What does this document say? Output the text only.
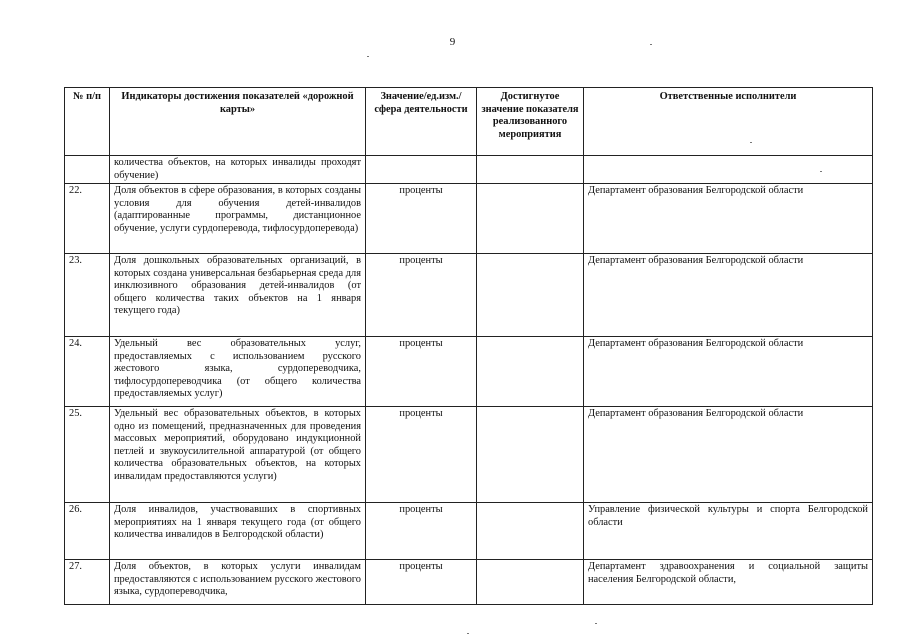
9
№ п/п	Индикаторы достижения показателей «дорожной карты»	Значение/ед.изм./ сфера деятельности	Достигнутое значение показателя реализованного мероприятия	Ответственные исполнители
	количества объектов, на которых инвалиды проходят обучение)			
22.	Доля объектов в сфере образования, в которых созданы условия для обучения детей-инвалидов (адаптированные программы, дистанционное обучение, услуги сурдоперевода, тифлосурдоперевода)	проценты		Департамент образования Белгородской области
23.	Доля дошкольных образовательных организаций, в которых создана универсальная безбарьерная среда для инклюзивного образования детей-инвалидов (от общего количества таких объектов на 1 января текущего года)	проценты		Департамент образования Белгородской области
24.	Удельный вес образовательных услуг, предоставляемых с использованием русского жестового языка, сурдопереводчика, тифлосурдопереводчика (от общего количества предоставляемых услуг)	проценты		Департамент образования Белгородской области
25.	Удельный вес образовательных объектов, в которых одно из помещений, предназначенных для проведения массовых мероприятий, оборудовано индукционной петлей и звукоусилительной аппаратурой (от общего количества образовательных объектов, на которых инвалидам предоставляются услуги)	проценты		Департамент образования Белгородской области
26.	Доля инвалидов, участвовавших в спортивных мероприятиях на 1 января текущего года (от общего количества инвалидов в Белгородской области)	проценты		Управление физической культуры и спорта Белгородской области
27.	Доля объектов, в которых услуги инвалидам предоставляются с использованием русского жестового языка, сурдопереводчика,	проценты		Департамент здравоохранения и социальной защиты населения Белгородской области,
